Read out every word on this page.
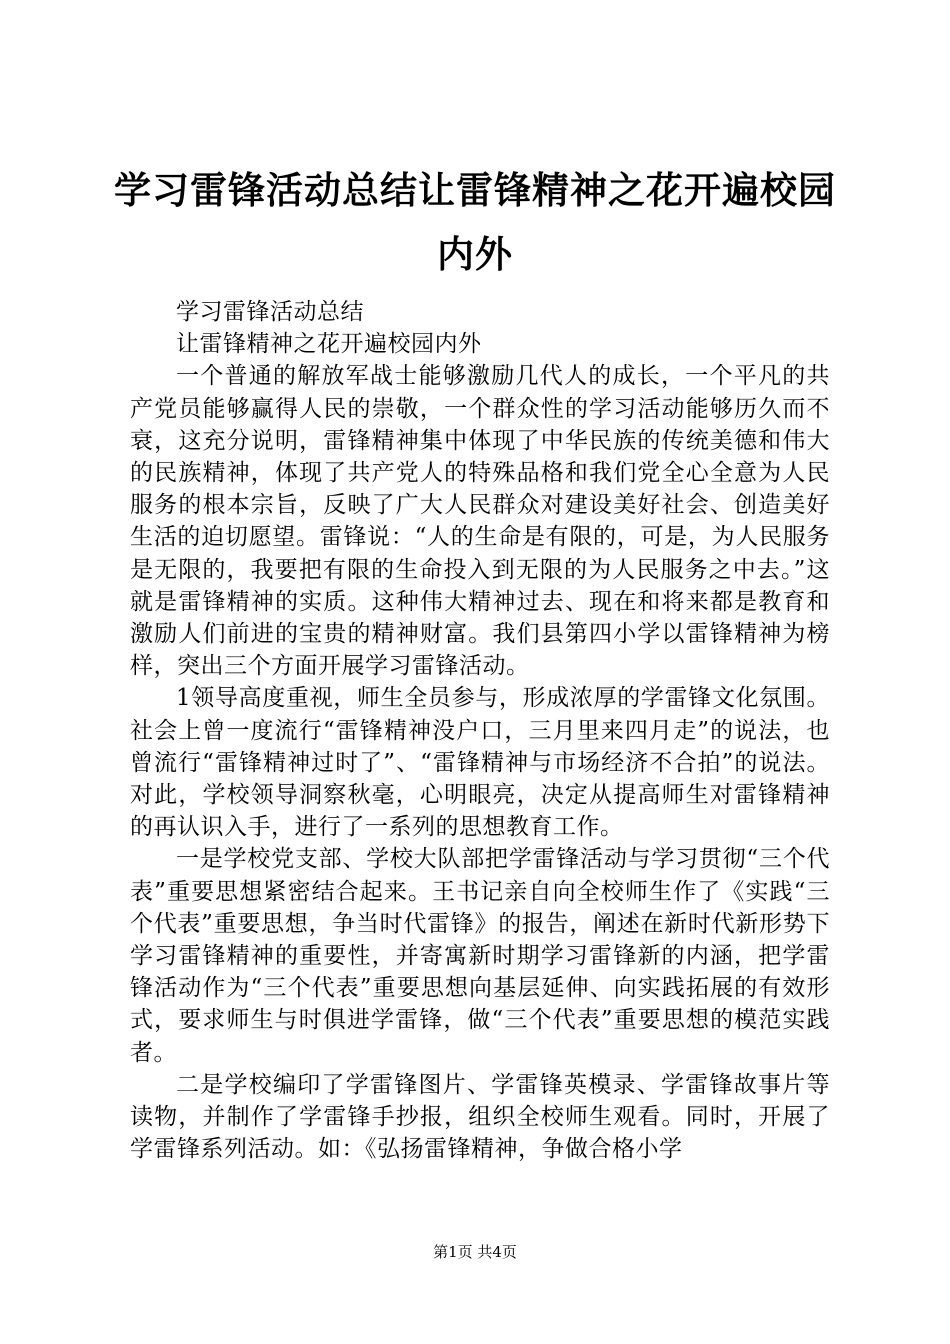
学习雷锋活动总结让雷锋精神之花开遍校园内外

学习雷锋活动总结

让雷锋精神之花开遍校园内外

一个普通的解放军战士能够激励几代人的成长，一个平凡的共产党员能够赢得人民的崇敬，一个群众性的学习活动能够历久而不衰，这充分说明，雷锋精神集中体现了中华民族的传统美德和伟大的民族精神，体现了共产党人的特殊品格和我们党全心全意为人民服务的根本宗旨，反映了广大人民群众对建设美好社会、创造美好生活的迫切愿望。雷锋说：“人的生命是有限的，可是，为人民服务是无限的，我要把有限的生命投入到无限的为人民服务之中去。”这就是雷锋精神的实质。这种伟大精神过去、现在和将来都是教育和激励人们前进的宝贵的精神财富。我们县第四小学以雷锋精神为榜样，突出三个方面开展学习雷锋活动。

1领导高度重视，师生全员参与，形成浓厚的学雷锋文化氛围。社会上曾一度流行“雷锋精神没户口，三月里来四月走”的说法，也曾流行“雷锋精神过时了”、“雷锋精神与市场经济不合拍”的说法。对此，学校领导洞察秋毫，心明眼亮，决定从提高师生对雷锋精神的再认识入手，进行了一系列的思想教育工作。

一是学校党支部、学校大队部把学雷锋活动与学习贯彻“三个代表”重要思想紧密结合起来。王书记亲自向全校师生作了《实践“三个代表”重要思想，争当时代雷锋》的报告，阐述在新时代新形势下学习雷锋精神的重要性，并寄寓新时期学习雷锋新的内涵，把学雷锋活动作为“三个代表”重要思想向基层延伸、向实践拓展的有效形式，要求师生与时俱进学雷锋，做“三个代表”重要思想的模范实践者。

二是学校编印了学雷锋图片、学雷锋英模录、学雷锋故事片等读物，并制作了学雷锋手抄报，组织全校师生观看。同时，开展了学雷锋系列活动。如：《弘扬雷锋精神，争做合格小学

第1页 共4页
